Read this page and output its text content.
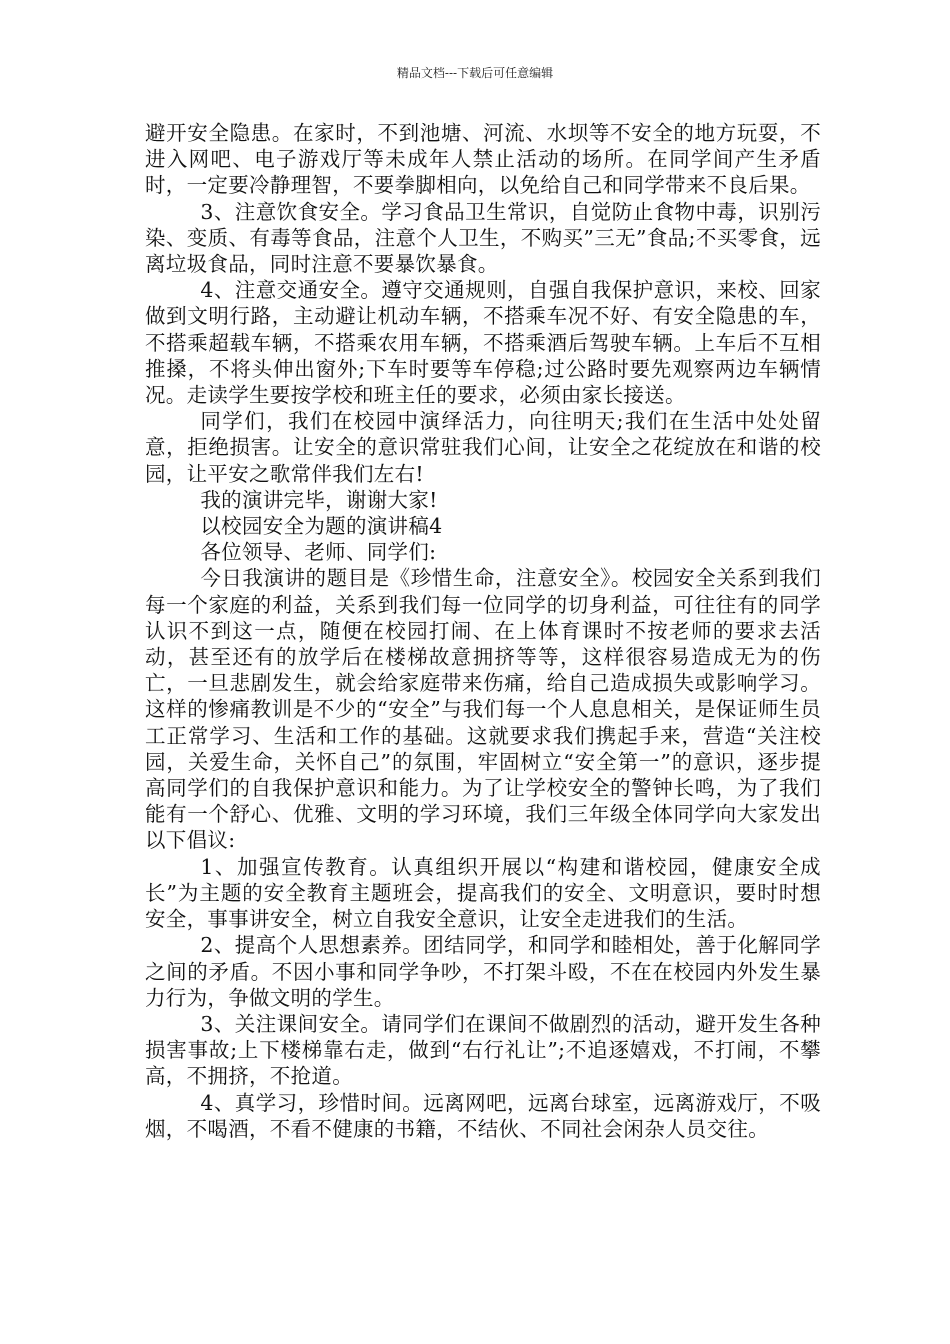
精品文档---下载后可任意编辑

避开安全隐患。在家时，不到池塘、河流、水坝等不安全的地方玩耍，不进入网吧、电子游戏厅等未成年人禁止活动的场所。在同学间产生矛盾时，一定要冷静理智，不要拳脚相向，以免给自己和同学带来不良后果。

3、注意饮食安全。学习食品卫生常识，自觉防止食物中毒，识别污染、变质、有毒等食品，注意个人卫生，不购买”三无”食品;不买零食，远离垃圾食品，同时注意不要暴饮暴食。

4、注意交通安全。遵守交通规则，自强自我保护意识，来校、回家做到文明行路，主动避让机动车辆，不搭乘车况不好、有安全隐患的车，不搭乘超载车辆，不搭乘农用车辆，不搭乘酒后驾驶车辆。上车后不互相推搡，不将头伸出窗外;下车时要等车停稳;过公路时要先观察两边车辆情况。走读学生要按学校和班主任的要求，必须由家长接送。

同学们，我们在校园中演绎活力，向往明天;我们在生活中处处留意，拒绝损害。让安全的意识常驻我们心间，让安全之花绽放在和谐的校园，让平安之歌常伴我们左右!

我的演讲完毕，谢谢大家!

以校园安全为题的演讲稿4

各位领导、老师、同学们:

今日我演讲的题目是《珍惜生命，注意安全》。校园安全关系到我们每一个家庭的利益，关系到我们每一位同学的切身利益，可往往有的同学认识不到这一点，随便在校园打闹、在上体育课时不按老师的要求去活动，甚至还有的放学后在楼梯故意拥挤等等，这样很容易造成无为的伤亡，一旦悲剧发生，就会给家庭带来伤痛，给自己造成损失或影响学习。这样的惨痛教训是不少的“安全”与我们每一个人息息相关，是保证师生员工正常学习、生活和工作的基础。这就要求我们携起手来，营造“关注校园，关爱生命，关怀自己”的氛围，牢固树立“安全第一”的意识，逐步提高同学们的自我保护意识和能力。为了让学校安全的警钟长鸣，为了我们能有一个舒心、优雅、文明的学习环境，我们三年级全体同学向大家发出以下倡议:

1、加强宣传教育。认真组织开展以“构建和谐校园，健康安全成长”为主题的安全教育主题班会，提高我们的安全、文明意识，要时时想安全，事事讲安全，树立自我安全意识，让安全走进我们的生活。

2、提高个人思想素养。团结同学，和同学和睦相处，善于化解同学之间的矛盾。不因小事和同学争吵，不打架斗殴，不在在校园内外发生暴力行为，争做文明的学生。

3、关注课间安全。请同学们在课间不做剧烈的活动，避开发生各种损害事故;上下楼梯靠右走，做到“右行礼让”;不追逐嬉戏，不打闹，不攀高，不拥挤，不抢道。

4、真学习，珍惜时间。远离网吧，远离台球室，远离游戏厅，不吸烟，不喝酒，不看不健康的书籍，不结伙、不同社会闲杂人员交往。
